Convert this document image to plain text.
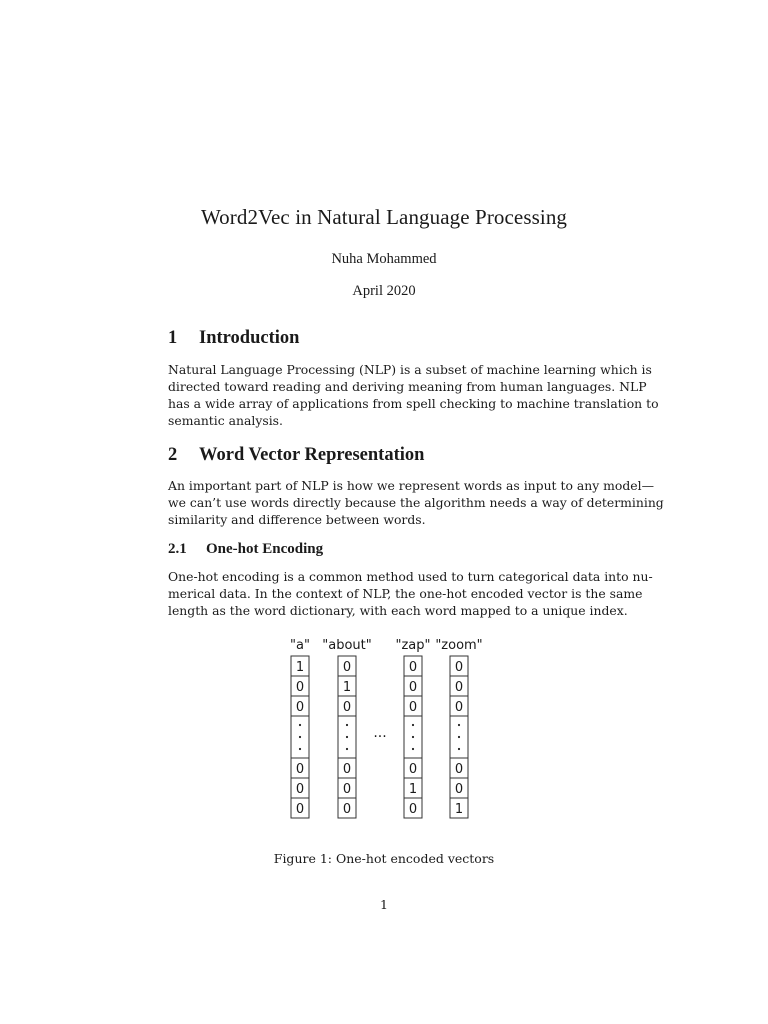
Word2Vec in Natural Language Processing
Nuha Mohammed
April 2020
1 Introduction
Natural Language Processing (NLP) is a subset of machine learning which is
directed toward reading and deriving meaning from human languages. NLP
has a wide array of applications from spell checking to machine translation to
semantic analysis.
2 Word Vector Representation
An important part of NLP is how we represent words as input to any model—
we can’t use words directly because the algorithm needs a way of determining
similarity and difference between words.
2.1 One-hot Encoding
One-hot encoding is a common method used to turn categorical data into nu-
merical data. In the context of NLP, the one-hot encoded vector is the same
length as the word dictionary, with each word mapped to a unique index.
"a"
1
0
0
0
0
0
"about"
0
1
0
0
0
0
"zap"
0
0
0
0
1
0
"zoom"
0
0
0
0
0
1
···
Figure 1: One-hot encoded vectors
1
